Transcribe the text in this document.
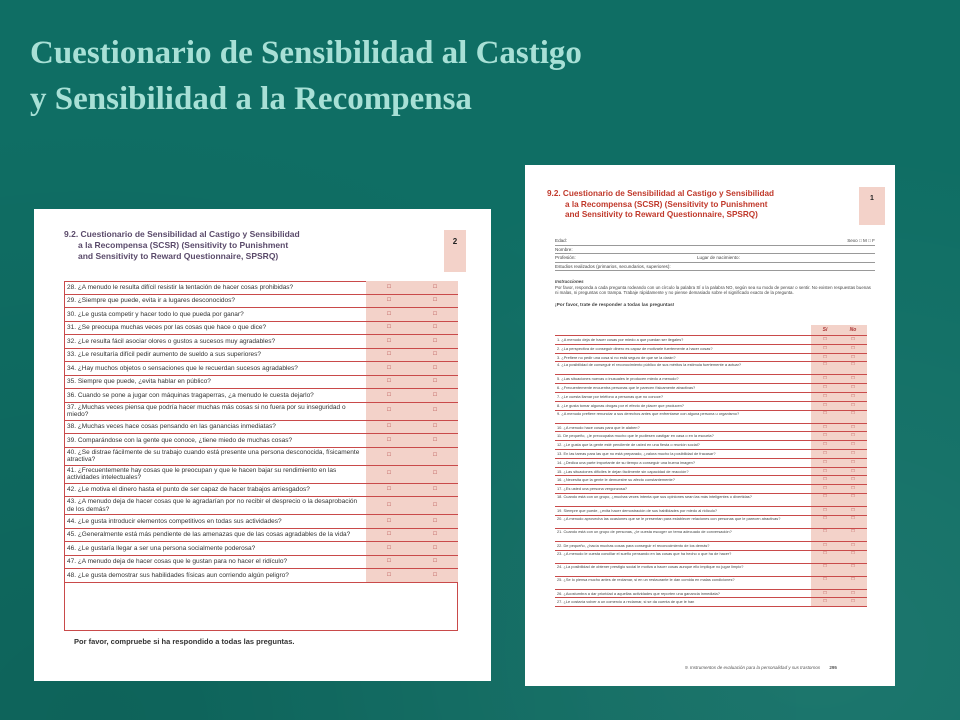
Cuestionario de Sensibilidad al Castigo
y Sensibilidad a la Recompensa
9.2. Cuestionario de Sensibilidad al Castigo y Sensibilidad
a la Recompensa (SCSR) (Sensitivity to Punishment
and Sensitivity to Reward Questionnaire, SPSRQ)
2
28. ¿A menudo le resulta difícil resistir la tentación de hacer cosas prohibidas?	□	□
29. ¿Siempre que puede, evita ir a lugares desconocidos?	□	□
30. ¿Le gusta competir y hacer todo lo que pueda por ganar?	□	□
31. ¿Se preocupa muchas veces por las cosas que hace o que dice?	□	□
32. ¿Le resulta fácil asociar olores o gustos a sucesos muy agradables?	□	□
33. ¿Le resultaría difícil pedir aumento de sueldo a sus superiores?	□	□
34. ¿Hay muchos objetos o sensaciones que le recuerdan sucesos agradables?	□	□
35. Siempre que puede, ¿evita hablar en público?	□	□
36. Cuando se pone a jugar con máquinas tragaperras, ¿a menudo le cuesta dejarlo?	□	□
37. ¿Muchas veces piensa que podría hacer muchas más cosas si no fuera por su inseguridad o miedo?	□	□
38. ¿Muchas veces hace cosas pensando en las ganancias inmediatas?	□	□
39. Comparándose con la gente que conoce, ¿tiene miedo de muchas cosas?	□	□
40. ¿Se distrae fácilmente de su trabajo cuando está presente una persona desconocida, físicamente atractiva?	□	□
41. ¿Frecuentemente hay cosas que le preocupan y que le hacen bajar su rendimiento en las actividades intelectuales?	□	□
42. ¿Le motiva el dinero hasta el punto de ser capaz de hacer trabajos arriesgados?	□	□
43. ¿A menudo deja de hacer cosas que le agradarían por no recibir el desprecio o la desaprobación de los demás?	□	□
44. ¿Le gusta introducir elementos competitivos en todas sus actividades?	□	□
45. ¿Generalmente está más pendiente de las amenazas que de las cosas agradables de la vida?	□	□
46. ¿Le gustaría llegar a ser una persona socialmente poderosa?	□	□
47. ¿A menudo deja de hacer cosas que le gustan para no hacer el ridículo?	□	□
48. ¿Le gusta demostrar sus habilidades físicas aun corriendo algún peligro?	□	□
Por favor, compruebe si ha respondido a todas las preguntas.
9.2. Cuestionario de Sensibilidad al Castigo y Sensibilidad
a la Recompensa (SCSR) (Sensitivity to Punishment
and Sensitivity to Reward Questionnaire, SPSRQ)
1
Edad:	Sexo □ M □ F
Nombre:
Profesión:	Lugar de nacimiento:
Estudios realizados (primarios, secundarios, superiores):
Instrucciones
Por favor, responda a cada pregunta rodeando con un círculo la palabra SÍ o la palabra NO, según sea su modo de pensar o sentir. No existen respuestas buenas ni malas, ni preguntas con trampa. Trabaje rápidamente y no piense demasiado sobre el significado exacto de la pregunta.
¡Por favor, trate de responder a todas las preguntas!
Sí	No
1. ¿A menudo deja de hacer cosas por miedo a que puedan ser ilegales?	□	□
2. ¿La perspectiva de conseguir dinero es capaz de motivarle fuertemente a hacer cosas?	□	□
3. ¿Prefiere no pedir una cosa si no está seguro de que se la darán?	□	□
4. ¿La posibilidad de conseguir el reconocimiento público de sus méritos la estimula fuertemente a actuar?	□	□
5. ¿Las situaciones nuevas o inusuales le producen miedo a menudo?	□	□
6. ¿Frecuentemente encuentra personas que le parecen físicamente atractivas?	□	□
7. ¿Le cuesta llamar por teléfono a personas que no conoce?	□	□
8. ¿Le gusta tomar algunas drogas por el efecto de placer que producen?	□	□
9. ¿A menudo prefiere renunciar a sus derechos antes que enfrentarse con alguna persona u organismo?	□	□
10. ¿A menudo hace cosas para que le alaben?	□	□
11. De pequeño, ¿le preocupaba mucho que le pudiesen castigar en casa o en la escuela?	□	□
12. ¿Le gusta que la gente esté pendiente de usted en una fiesta o reunión social?	□	□
13. En las tareas para las que no está preparado, ¿valora mucho la posibilidad de fracasar?	□	□
14. ¿Dedica una parte importante de su tiempo a conseguir una buena imagen?	□	□
15. ¿Las situaciones difíciles le dejan fácilmente sin capacidad de reacción?	□	□
16. ¿Necesita que la gente le demuestre su afecto constantemente?	□	□
17. ¿Es usted una persona vergonzosa?	□	□
18. Cuando está con un grupo, ¿muchas veces intenta que sus opiniones sean las más inteligentes o divertidas?	□	□
19. Siempre que puede, ¿evita hacer demostración de sus habilidades por miedo al ridículo?	□	□
20. ¿A menudo aprovecha las ocasiones que se le presentan para establecer relaciones con personas que le parecen atractivas?	□	□
21. Cuando está con un grupo de personas, ¿le cuesta escoger un tema adecuado de conversación?	□	□
22. De pequeño, ¿hacía muchas cosas para conseguir el reconocimiento de los demás?	□	□
23. ¿A menudo le cuesta conciliar el sueño pensando en las cosas que ha hecho o que ha de hacer?	□	□
24. ¿La posibilidad de obtener prestigio social le motiva a hacer cosas aunque ello implique no jugar limpio?	□	□
25. ¿Se lo piensa mucho antes de reclamar, si en un restaurante le dan comida en malas condiciones?	□	□
26. ¿Acostumbra a dar prioridad a aquellas actividades que reporten una ganancia inmediata?	□	□
27. ¿Le costaría volver a un comercio a reclamar, si se da cuenta de que le han	□	□
9. Instrumentos de evaluación para la personalidad y sus trastornos 295
